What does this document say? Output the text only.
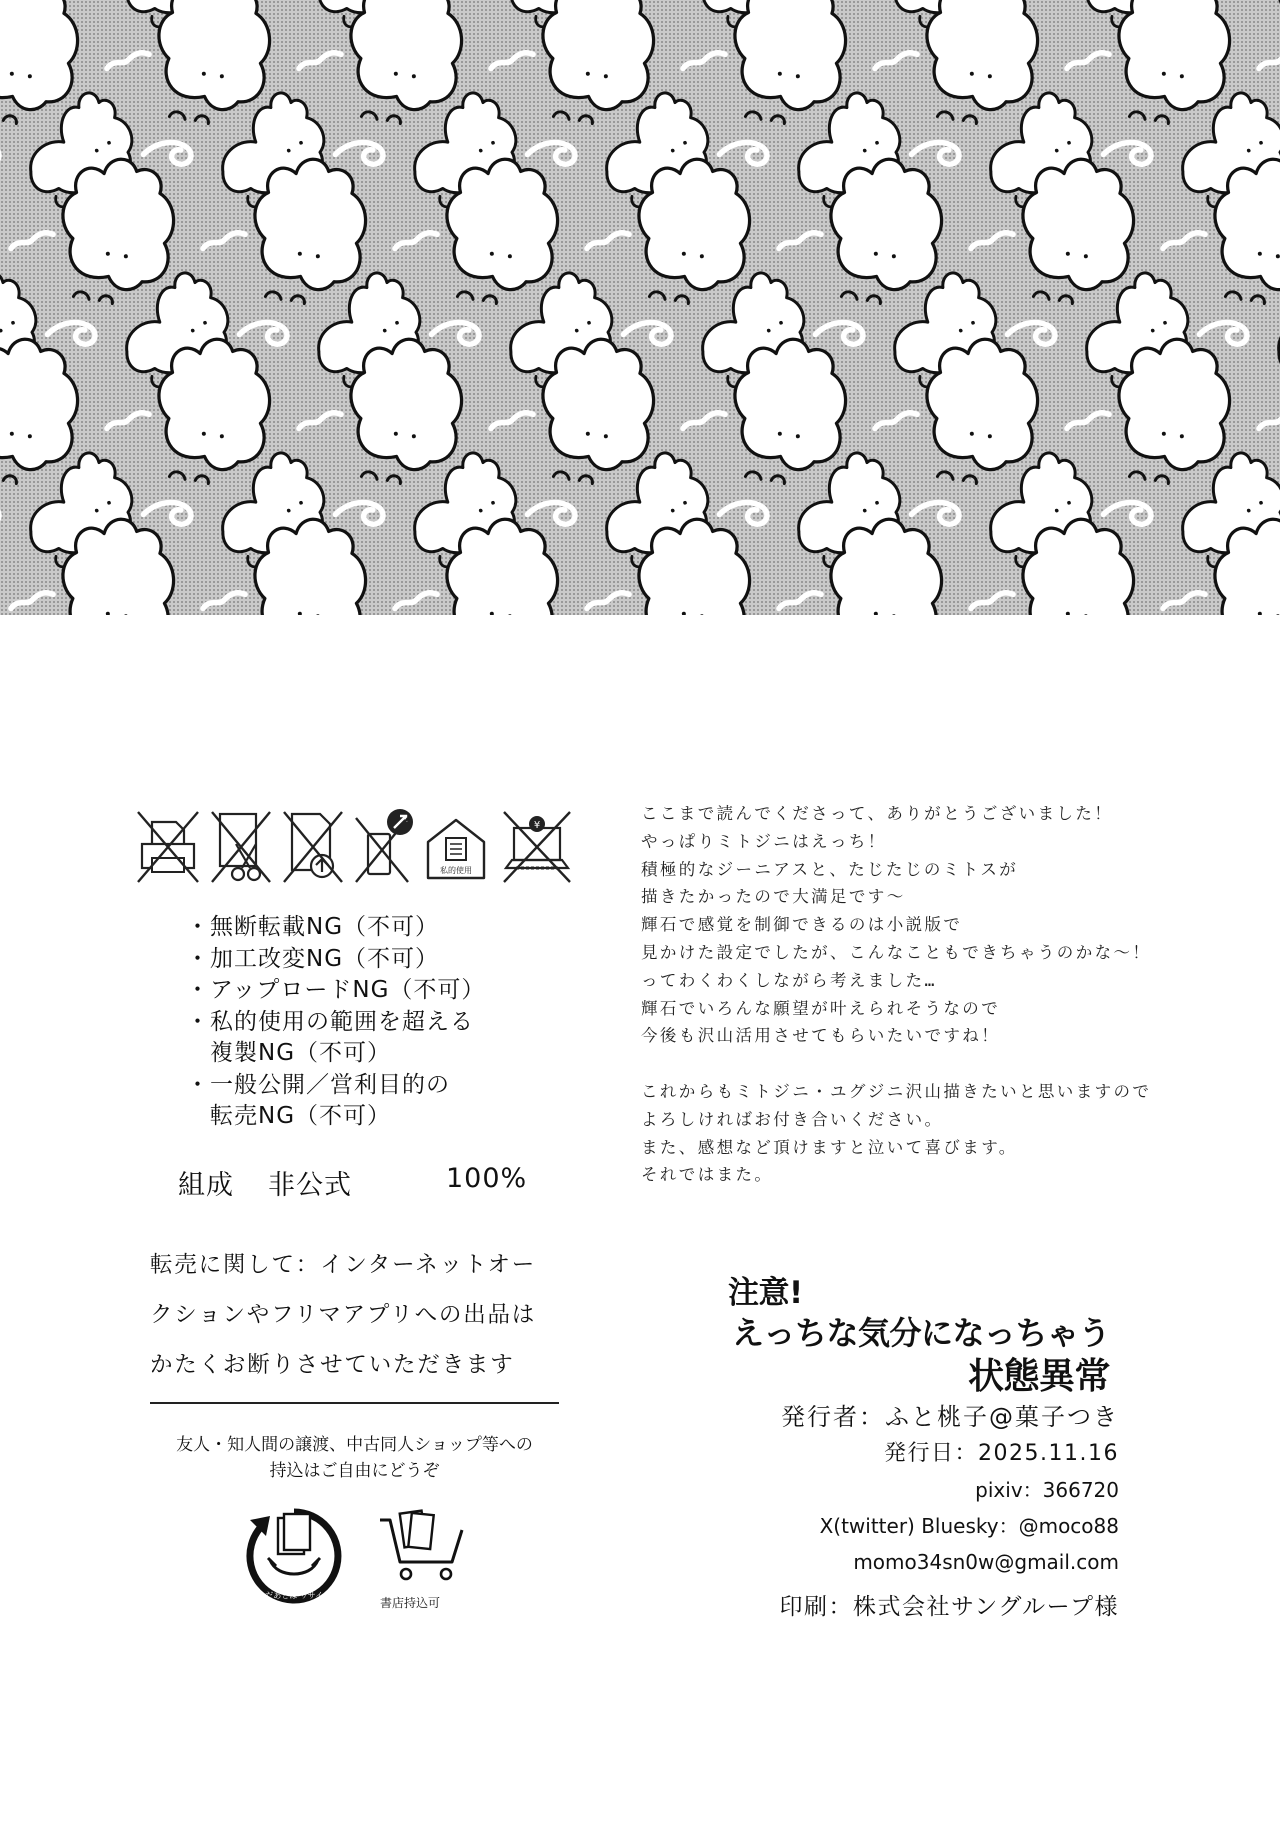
私的使用
¥
・無断転載NG（不可）
・加工改変NG（不可）
・アップロードNG（不可）
・私的使用の範囲を超える
複製NG（不可）
・一般公開／営利目的の
転売NG（不可）
組成 非公式	100%
転売に関して：インターネットオー
クションやフリマアプリへの出品は
かたくお断りさせていただきます
友人・知人間の譲渡、中古同人ショップ等への
持込はご自由にどうぞ
よんだあとは リサイクル
書店持込可
ここまで読んでくださって、ありがとうございました！
やっぱりミトジニはえっち！
積極的なジーニアスと、たじたじのミトスが
描きたかったので大満足です～
輝石で感覚を制御できるのは小説版で
見かけた設定でしたが、こんなこともできちゃうのかな～！
ってわくわくしながら考えました…
輝石でいろんな願望が叶えられそうなので
今後も沢山活用させてもらいたいですね！
これからもミトジニ・ユグジニ沢山描きたいと思いますので
よろしければお付き合いください。
また、感想など頂けますと泣いて喜びます。
それではまた。
注意!
えっちな気分になっちゃう
状態異常
発行者：ふと桃子@菓子つき
発行日：2025.11.16
pixiv：366720
X(twitter) Bluesky：@moco88
momo34sn0w@gmail.com
印刷：株式会社サングループ様
